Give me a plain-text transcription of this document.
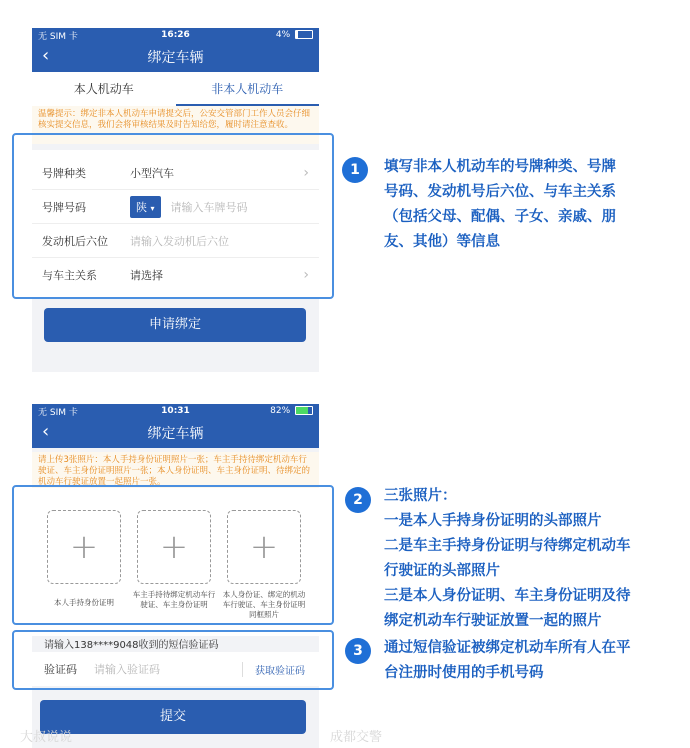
无 SIM 卡	16:26	4%
‹	绑定车辆
本人机动车	非本人机动车
温馨提示：绑定非本人机动车申请提交后，公安交管部门工作人员会仔细核实提交信息，我们会将审核结果及时告知给您，履时请注意查收。
号牌种类	小型汽车	›
号牌号码	陕 ▾	请输入车牌号码
发动机后六位	请输入发动机后六位
与车主关系	请选择	›
申请绑定
无 SIM 卡	10:31	82%
‹	绑定车辆
请上传3张照片：本人手持身份证明照片一张；车主手持待绑定机动车行驶证、车主身份证明照片一张；本人身份证明、车主身份证明、待绑定的机动车行驶证放置一起照片一张。
+ + +
本人手持身份证明
车主手持待绑定机动车行驶证、车主身份证明
本人身份证、绑定的机动车行驶证、车主身份证明同框照片
请输入138****9048收到的短信验证码
验证码	请输入验证码	获取验证码
提交
1	填写非本人机动车的号牌种类、号牌
号码、发动机号后六位、与车主关系
（包括父母、配偶、子女、亲戚、朋
友、其他）等信息
2	三张照片：
一是本人手持身份证明的头部照片
二是车主手持身份证明与待绑定机动车
行驶证的头部照片
三是本人身份证明、车主身份证明及待
绑定机动车行驶证放置一起的照片
3	通过短信验证被绑定机动车所有人在平
台注册时使用的手机号码
大叔说说	成都交警
